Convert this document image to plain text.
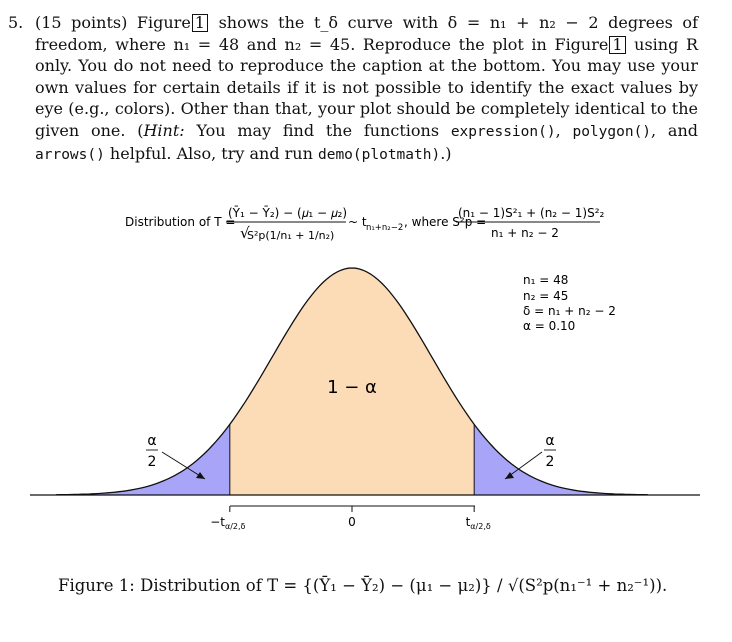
5. (15 points) Figure 1 shows the t_δ curve with δ = n₁ + n₂ − 2 degrees of freedom, where n₁ = 48 and n₂ = 45. Reproduce the plot in Figure 1 using R only. You do not need to reproduce the caption at the bottom. You may use your own values for certain details if it is not possible to identify the exact values by eye (e.g., colors). Other than that, your plot should be completely identical to the given one. (Hint: You may find the functions expression(), polygon(), and arrows() helpful. Also, try and run demo(plotmath).)
Distribution of T =
(Ȳ₁ − Ȳ₂) − (𝜇₁ − 𝜇₂)
S²p(1/n₁ + 1/n₂)
√
~ t n₁+n₂−2 , where S²p =
(n₁ − 1)S²₁ + (n₂ − 1)S²₂
n₁ + n₂ − 2
n₁ = 48
n₂ = 45
δ = n₁ + n₂ − 2
α = 0.10
1 − α
α
2
α
2
$-t_{\alpha/2,\delta}$	0	$t_{\alpha/2,\delta}$
Figure 1: Distribution of T = {(Ȳ₁ − Ȳ₂) − (μ₁ − μ₂)} / √(S²p(n₁⁻¹ + n₂⁻¹)).
